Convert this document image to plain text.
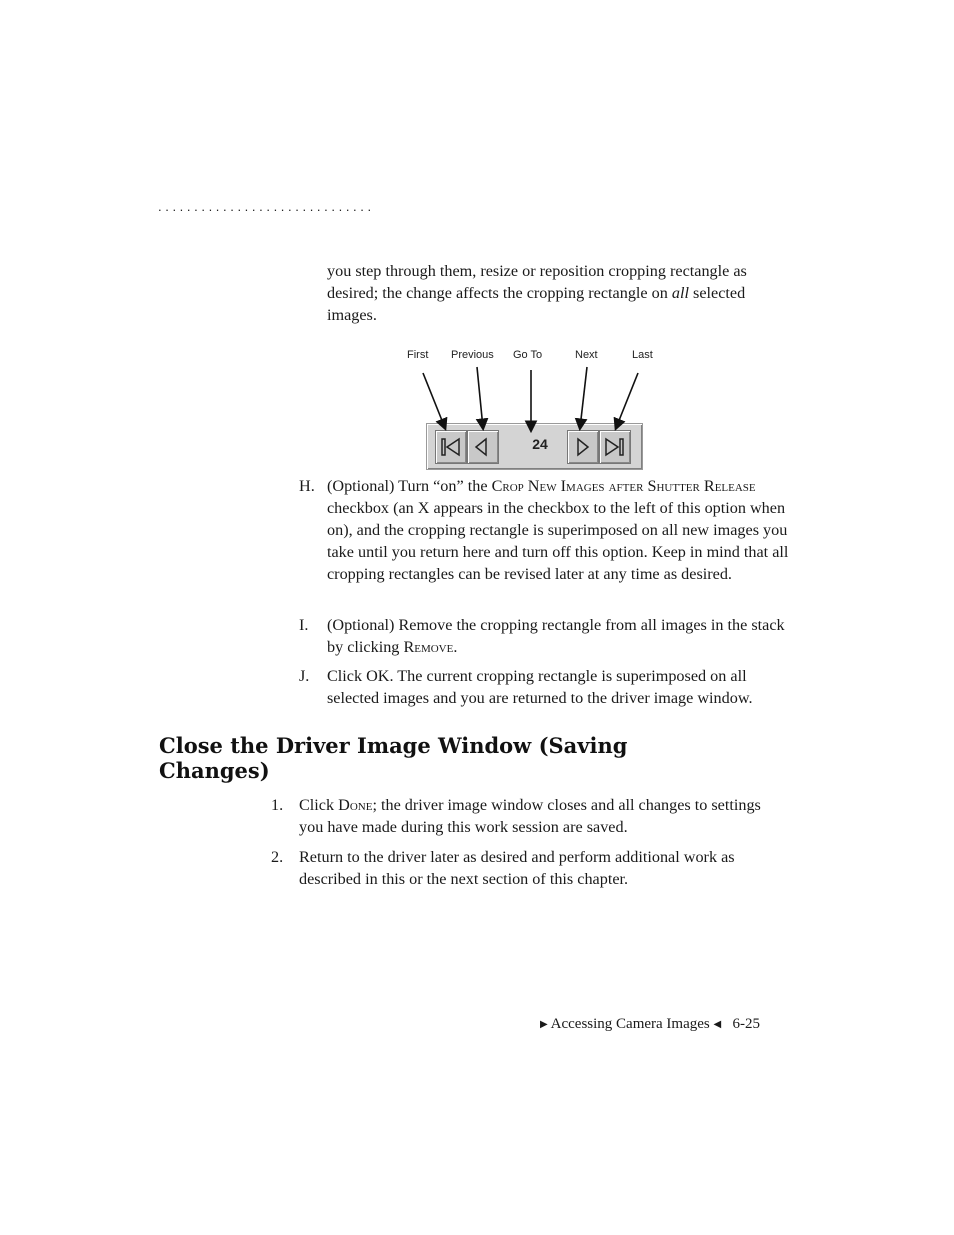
. . . . . . . . . . . . . . . . . . . . . . . . . . . . . .

you step through them, resize or reposition cropping rectangle as desired; the change affects the cropping rectangle on all selected images.

First Previous Go To	Next	Last
24
H. (Optional) Turn “on” the Crop New Images after Shutter Release checkbox (an X appears in the checkbox to the left of this option when on), and the cropping rectangle is superimposed on all new images you take until you return here and turn off this option. Keep in mind that all cropping rectangles can be revised later at any time as desired.
I. (Optional) Remove the cropping rectangle from all images in the stack by clicking Remove.
J. Click OK. The current cropping rectangle is superimposed on all selected images and you are returned to the driver image window.
Close the Driver Image Window (Saving Changes)
1. Click Done; the driver image window closes and all changes to settings you have made during this work session are saved.
2. Return to the driver later as desired and perform additional work as described in this or the next section of this chapter.
▶ Accessing Camera Images ◀ 6-25
